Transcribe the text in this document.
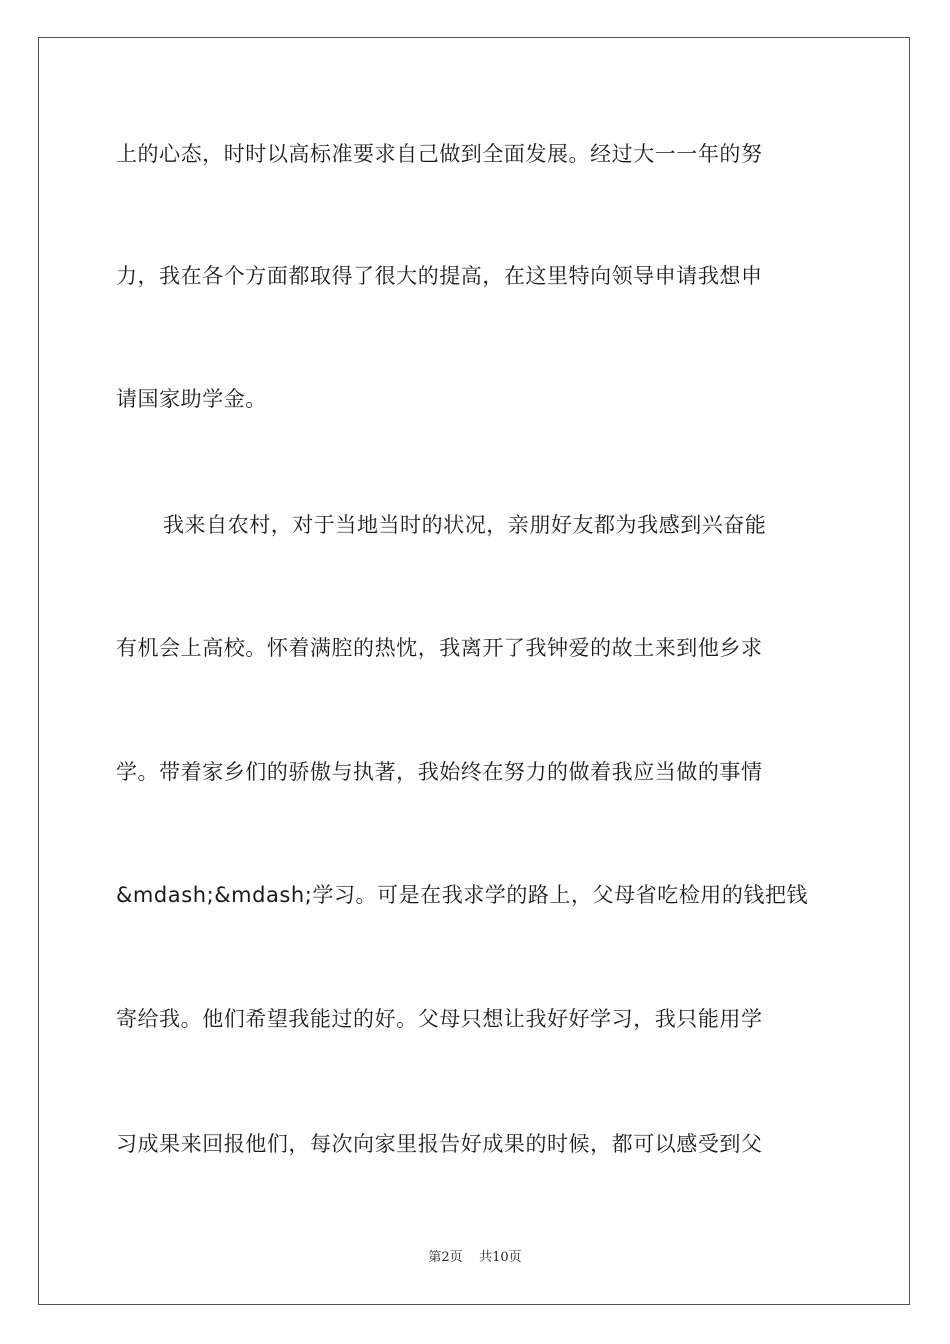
上的心态，时时以高标准要求自己做到全面发展。经过大一一年的努
力，我在各个方面都取得了很大的提高，在这里特向领导申请我想申
请国家助学金。
我来自农村，对于当地当时的状况，亲朋好友都为我感到兴奋能
有机会上高校。怀着满腔的热忱，我离开了我钟爱的故土来到他乡求
学。带着家乡们的骄傲与执著，我始终在努力的做着我应当做的事情
&mdash;&mdash;学习。可是在我求学的路上，父母省吃检用的钱把钱
寄给我。他们希望我能过的好。父母只想让我好好学习，我只能用学
习成果来回报他们，每次向家里报告好成果的时候，都可以感受到父
第2页    共10页
